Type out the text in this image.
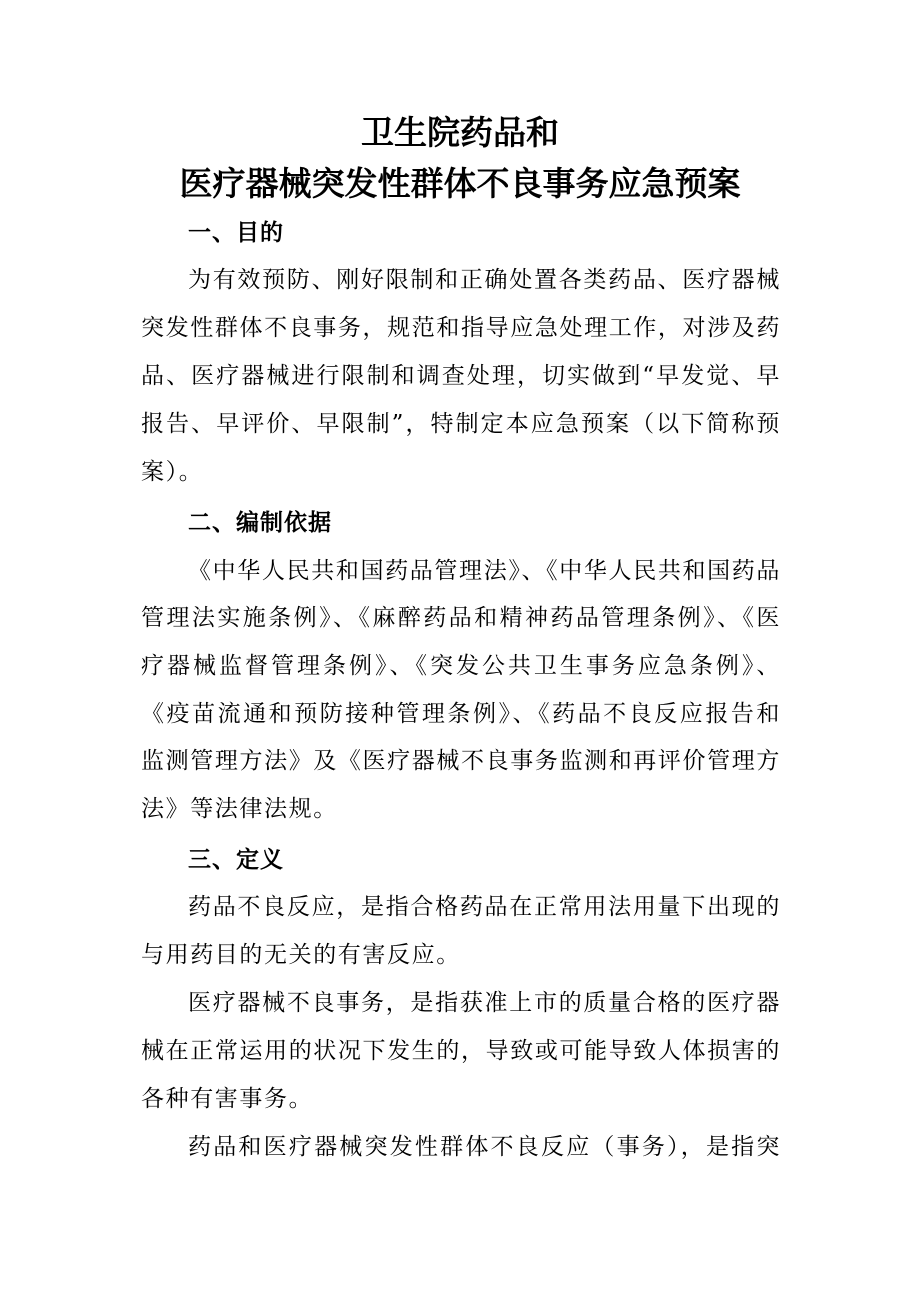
卫生院药品和
医疗器械突发性群体不良事务应急预案
一、目的
为有效预防、刚好限制和正确处置各类药品、医疗器械
突发性群体不良事务，规范和指导应急处理工作，对涉及药
品、医疗器械进行限制和调查处理，切实做到“早发觉、早
报告、早评价、早限制”，特制定本应急预案（以下简称预
案）。
二、编制依据
《中华人民共和国药品管理法》、《中华人民共和国药品
管理法实施条例》、《麻醉药品和精神药品管理条例》、《医
疗器械监督管理条例》、《突发公共卫生事务应急条例》、
《疫苗流通和预防接种管理条例》、《药品不良反应报告和
监测管理方法》及《医疗器械不良事务监测和再评价管理方
法》等法律法规。
三、定义
药品不良反应，是指合格药品在正常用法用量下出现的
与用药目的无关的有害反应。
医疗器械不良事务，是指获准上市的质量合格的医疗器
械在正常运用的状况下发生的，导致或可能导致人体损害的
各种有害事务。
药品和医疗器械突发性群体不良反应（事务），是指突
